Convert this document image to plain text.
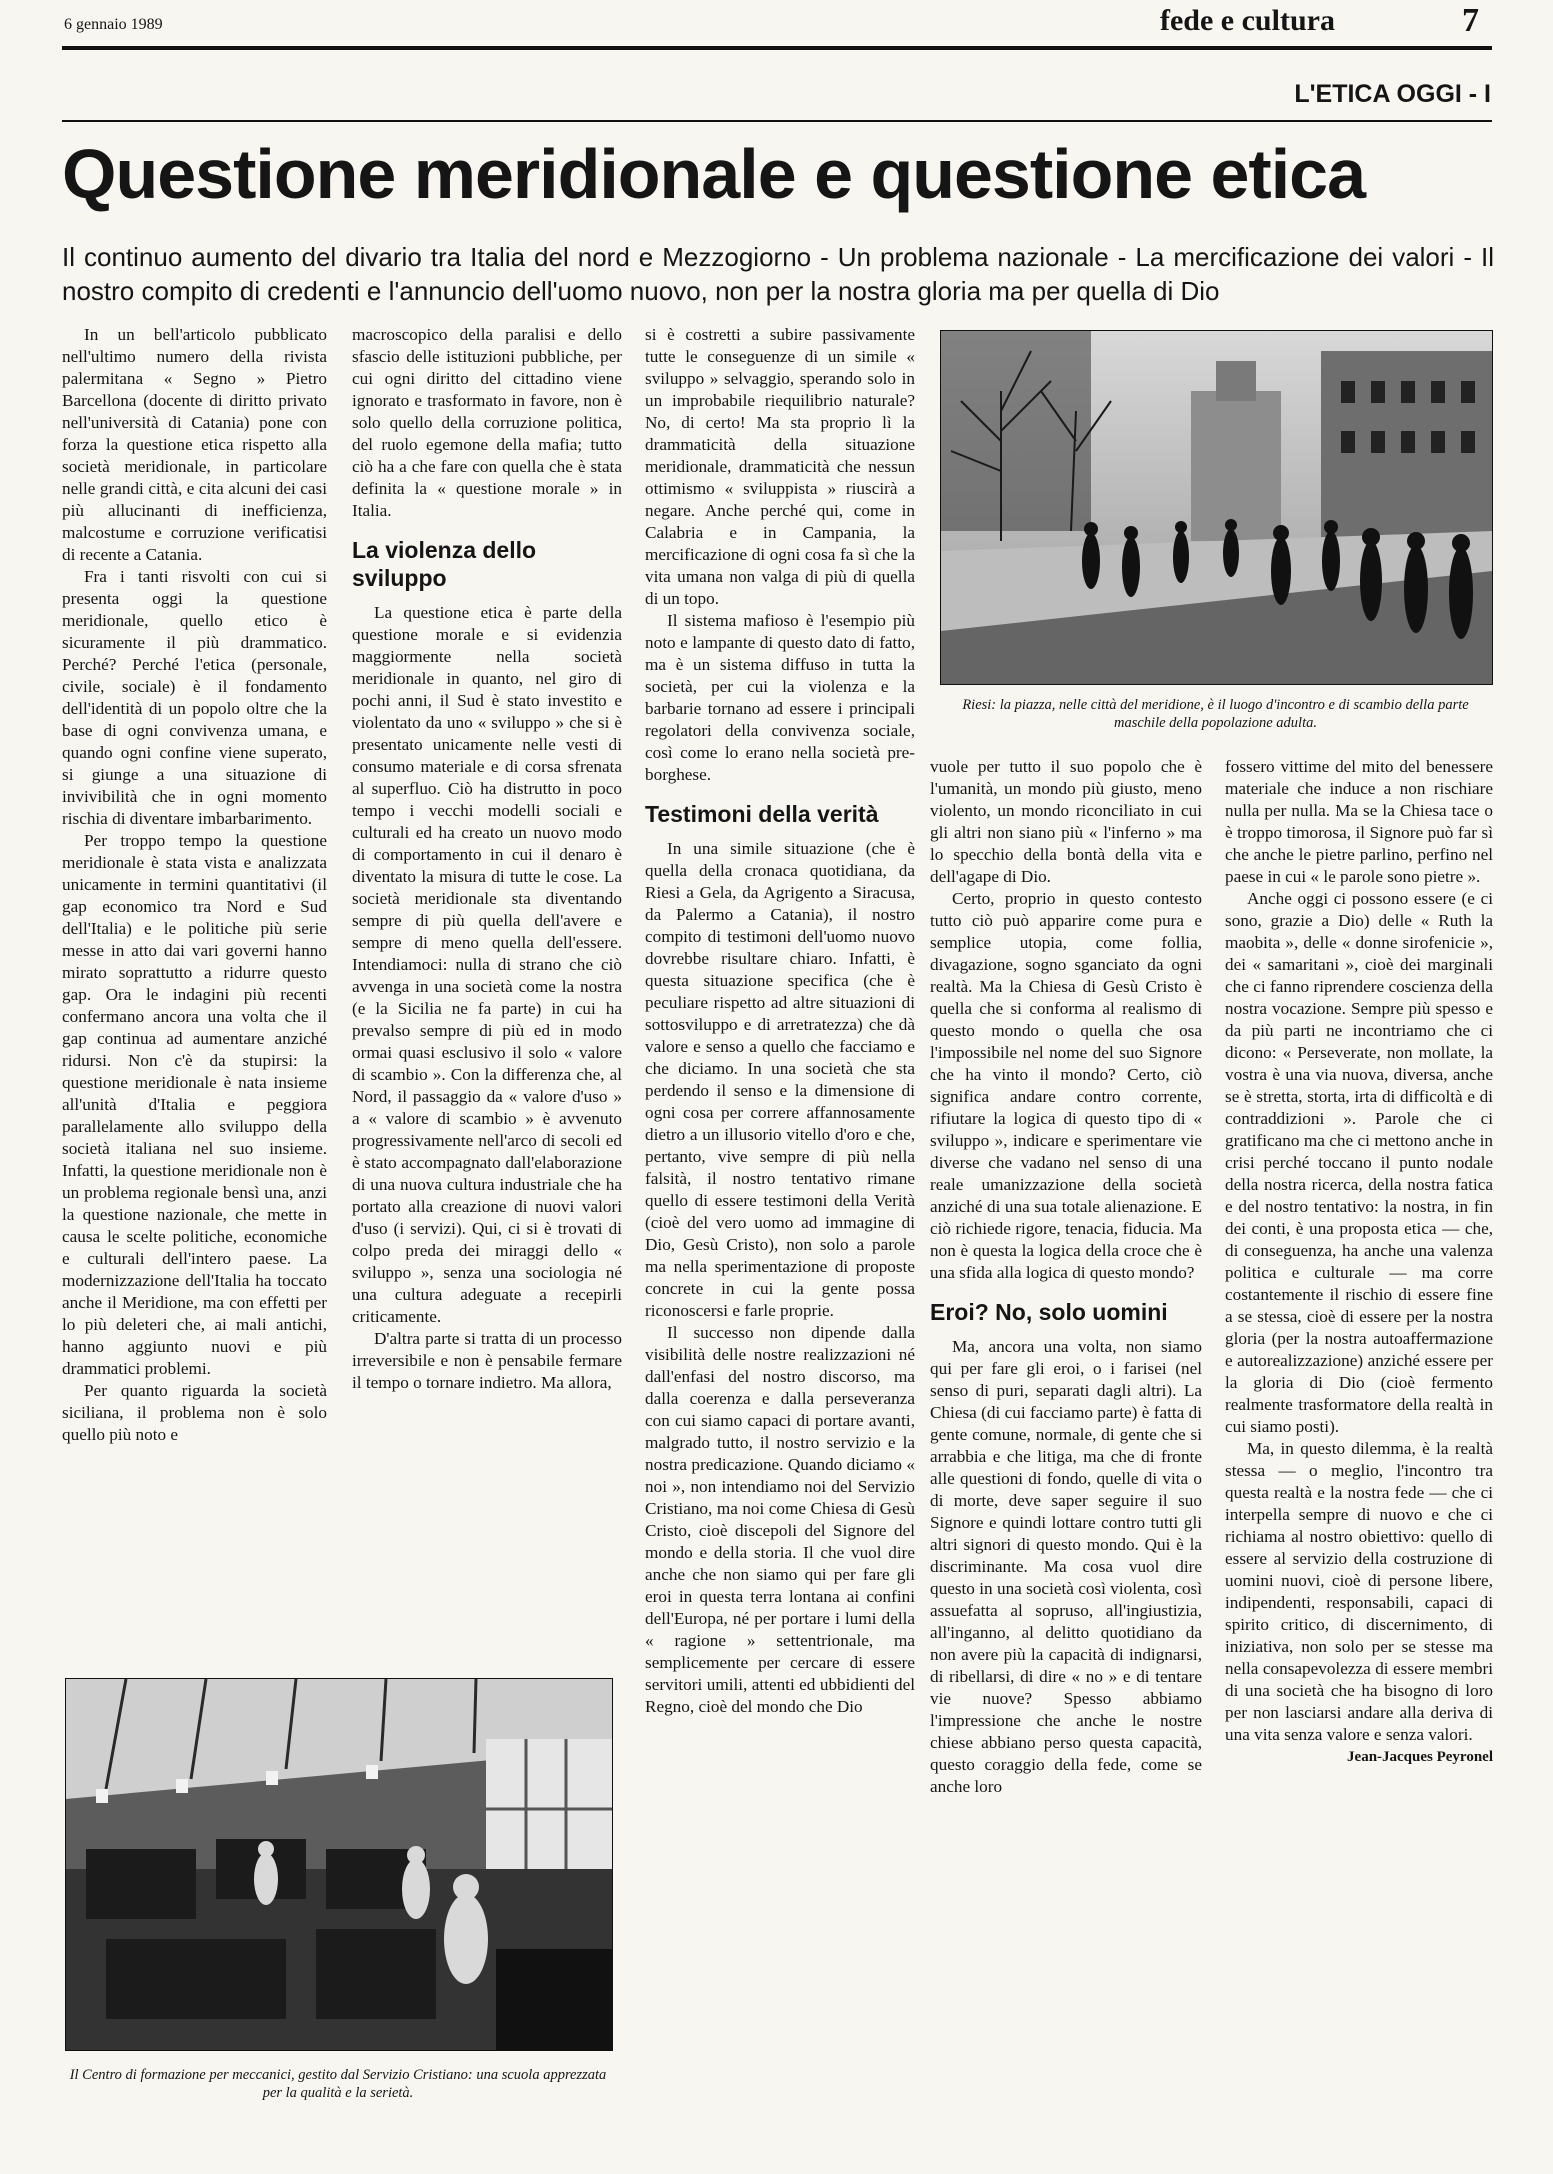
6 gennaio 1989	fede e cultura	7
L'ETICA OGGI - I
Questione meridionale e questione etica
Il continuo aumento del divario tra Italia del nord e Mezzogiorno - Un problema nazionale - La mercificazione dei valori - Il nostro compito di credenti e l'annuncio dell'uomo nuovo, non per la nostra gloria ma per quella di Dio

In un bell'articolo pubblicato nell'ultimo numero della rivista palermitana « Segno » Pietro Barcellona (docente di diritto privato nell'università di Catania) pone con forza la questione etica rispetto alla società meridionale, in particolare nelle grandi città, e cita alcuni dei casi più allucinanti di inefficienza, malcostume e corruzione verificatisi di recente a Catania.

Fra i tanti risvolti con cui si presenta oggi la questione meridionale, quello etico è sicuramente il più drammatico. Perché? Perché l'etica (personale, civile, sociale) è il fondamento dell'identità di un popolo oltre che la base di ogni convivenza umana, e quando ogni confine viene superato, si giunge a una situazione di invivibilità che in ogni momento rischia di diventare imbarbarimento.

Per troppo tempo la questione meridionale è stata vista e analizzata unicamente in termini quantitativi (il gap economico tra Nord e Sud dell'Italia) e le politiche più serie messe in atto dai vari governi hanno mirato soprattutto a ridurre questo gap. Ora le indagini più recenti confermano ancora una volta che il gap continua ad aumentare anziché ridursi. Non c'è da stupirsi: la questione meridionale è nata insieme all'unità d'Italia e peggiora parallelamente allo sviluppo della società italiana nel suo insieme. Infatti, la questione meridionale non è un problema regionale bensì una, anzi la questione nazionale, che mette in causa le scelte politiche, economiche e culturali dell'intero paese. La modernizzazione dell'Italia ha toccato anche il Meridione, ma con effetti per lo più deleteri che, ai mali antichi, hanno aggiunto nuovi e più drammatici problemi.

Per quanto riguarda la società siciliana, il problema non è solo quello più noto e

macroscopico della paralisi e dello sfascio delle istituzioni pubbliche, per cui ogni diritto del cittadino viene ignorato e trasformato in favore, non è solo quello della corruzione politica, del ruolo egemone della mafia; tutto ciò ha a che fare con quella che è stata definita la « questione morale » in Italia.

La violenza dello sviluppo

La questione etica è parte della questione morale e si evidenzia maggiormente nella società meridionale in quanto, nel giro di pochi anni, il Sud è stato investito e violentato da uno « sviluppo » che si è presentato unicamente nelle vesti di consumo materiale e di corsa sfrenata al superfluo. Ciò ha distrutto in poco tempo i vecchi modelli sociali e culturali ed ha creato un nuovo modo di comportamento in cui il denaro è diventato la misura di tutte le cose. La società meridionale sta diventando sempre di più quella dell'avere e sempre di meno quella dell'essere. Intendiamoci: nulla di strano che ciò avvenga in una società come la nostra (e la Sicilia ne fa parte) in cui ha prevalso sempre di più ed in modo ormai quasi esclusivo il solo « valore di scambio ». Con la differenza che, al Nord, il passaggio da « valore d'uso » a « valore di scambio » è avvenuto progressivamente nell'arco di secoli ed è stato accompagnato dall'elaborazione di una nuova cultura industriale che ha portato alla creazione di nuovi valori d'uso (i servizi). Qui, ci si è trovati di colpo preda dei miraggi dello « sviluppo », senza una sociologia né una cultura adeguate a recepirli criticamente.

D'altra parte si tratta di un processo irreversibile e non è pensabile fermare il tempo o tornare indietro. Ma allora,

si è costretti a subire passivamente tutte le conseguenze di un simile « sviluppo » selvaggio, sperando solo in un improbabile riequilibrio naturale? No, di certo! Ma sta proprio lì la drammaticità della situazione meridionale, drammaticità che nessun ottimismo « sviluppista » riuscirà a negare. Anche perché qui, come in Calabria e in Campania, la mercificazione di ogni cosa fa sì che la vita umana non valga di più di quella di un topo.

Il sistema mafioso è l'esempio più noto e lampante di questo dato di fatto, ma è un sistema diffuso in tutta la società, per cui la violenza e la barbarie tornano ad essere i principali regolatori della convivenza sociale, così come lo erano nella società pre-borghese.

Testimoni della verità

In una simile situazione (che è quella della cronaca quotidiana, da Riesi a Gela, da Agrigento a Siracusa, da Palermo a Catania), il nostro compito di testimoni dell'uomo nuovo dovrebbe risultare chiaro. Infatti, è questa situazione specifica (che è peculiare rispetto ad altre situazioni di sottosviluppo e di arretratezza) che dà valore e senso a quello che facciamo e che diciamo. In una società che sta perdendo il senso e la dimensione di ogni cosa per correre affannosamente dietro a un illusorio vitello d'oro e che, pertanto, vive sempre di più nella falsità, il nostro tentativo rimane quello di essere testimoni della Verità (cioè del vero uomo ad immagine di Dio, Gesù Cristo), non solo a parole ma nella sperimentazione di proposte concrete in cui la gente possa riconoscersi e farle proprie.

Il successo non dipende dalla visibilità delle nostre realizzazioni né dall'enfasi del nostro discorso, ma dalla coerenza e dalla perseveranza con cui siamo capaci di portare avanti, malgrado tutto, il nostro servizio e la nostra predicazione. Quando diciamo « noi », non intendiamo noi del Servizio Cristiano, ma noi come Chiesa di Gesù Cristo, cioè discepoli del Signore del mondo e della storia. Il che vuol dire anche che non siamo qui per fare gli eroi in questa terra lontana ai confini dell'Europa, né per portare i lumi della « ragione » settentrionale, ma semplicemente per cercare di essere servitori umili, attenti ed ubbidienti del Regno, cioè del mondo che Dio

vuole per tutto il suo popolo che è l'umanità, un mondo più giusto, meno violento, un mondo riconciliato in cui gli altri non siano più « l'inferno » ma lo specchio della bontà della vita e dell'agape di Dio.

Certo, proprio in questo contesto tutto ciò può apparire come pura e semplice utopia, come follia, divagazione, sogno sganciato da ogni realtà. Ma la Chiesa di Gesù Cristo è quella che si conforma al realismo di questo mondo o quella che osa l'impossibile nel nome del suo Signore che ha vinto il mondo? Certo, ciò significa andare contro corrente, rifiutare la logica di questo tipo di « sviluppo », indicare e sperimentare vie diverse che vadano nel senso di una reale umanizzazione della società anziché di una sua totale alienazione. E ciò richiede rigore, tenacia, fiducia. Ma non è questa la logica della croce che è una sfida alla logica di questo mondo?

Eroi? No, solo uomini

Ma, ancora una volta, non siamo qui per fare gli eroi, o i farisei (nel senso di puri, separati dagli altri). La Chiesa (di cui facciamo parte) è fatta di gente comune, normale, di gente che si arrabbia e che litiga, ma che di fronte alle questioni di fondo, quelle di vita o di morte, deve saper seguire il suo Signore e quindi lottare contro tutti gli altri signori di questo mondo. Qui è la discriminante. Ma cosa vuol dire questo in una società così violenta, così assuefatta al sopruso, all'ingiustizia, all'inganno, al delitto quotidiano da non avere più la capacità di indignarsi, di ribellarsi, di dire « no » e di tentare vie nuove? Spesso abbiamo l'impressione che anche le nostre chiese abbiano perso questa capacità, questo coraggio della fede, come se anche loro

fossero vittime del mito del benessere materiale che induce a non rischiare nulla per nulla. Ma se la Chiesa tace o è troppo timorosa, il Signore può far sì che anche le pietre parlino, perfino nel paese in cui « le parole sono pietre ».

Anche oggi ci possono essere (e ci sono, grazie a Dio) delle « Ruth la maobita », delle « donne sirofenicie », dei « samaritani », cioè dei marginali che ci fanno riprendere coscienza della nostra vocazione. Sempre più spesso e da più parti ne incontriamo che ci dicono: « Perseverate, non mollate, la vostra è una via nuova, diversa, anche se è stretta, storta, irta di difficoltà e di contraddizioni ». Parole che ci gratificano ma che ci mettono anche in crisi perché toccano il punto nodale della nostra ricerca, della nostra fatica e del nostro tentativo: la nostra, in fin dei conti, è una proposta etica — che, di conseguenza, ha anche una valenza politica e culturale — ma corre costantemente il rischio di essere fine a se stessa, cioè di essere per la nostra gloria (per la nostra autoaffermazione e autorealizzazione) anziché essere per la gloria di Dio (cioè fermento realmente trasformatore della realtà in cui siamo posti).

Ma, in questo dilemma, è la realtà stessa — o meglio, l'incontro tra questa realtà e la nostra fede — che ci interpella sempre di nuovo e che ci richiama al nostro obiettivo: quello di essere al servizio della costruzione di uomini nuovi, cioè di persone libere, indipendenti, responsabili, capaci di spirito critico, di discernimento, di iniziativa, non solo per se stesse ma nella consapevolezza di essere membri di una società che ha bisogno di loro per non lasciarsi andare alla deriva di una vita senza valore e senza valori.

Jean-Jacques Peyronel

Riesi: la piazza, nelle città del meridione, è il luogo d'incontro e di scambio della parte maschile della popolazione adulta.
Il Centro di formazione per meccanici, gestito dal Servizio Cristiano: una scuola apprezzata per la qualità e la serietà.
